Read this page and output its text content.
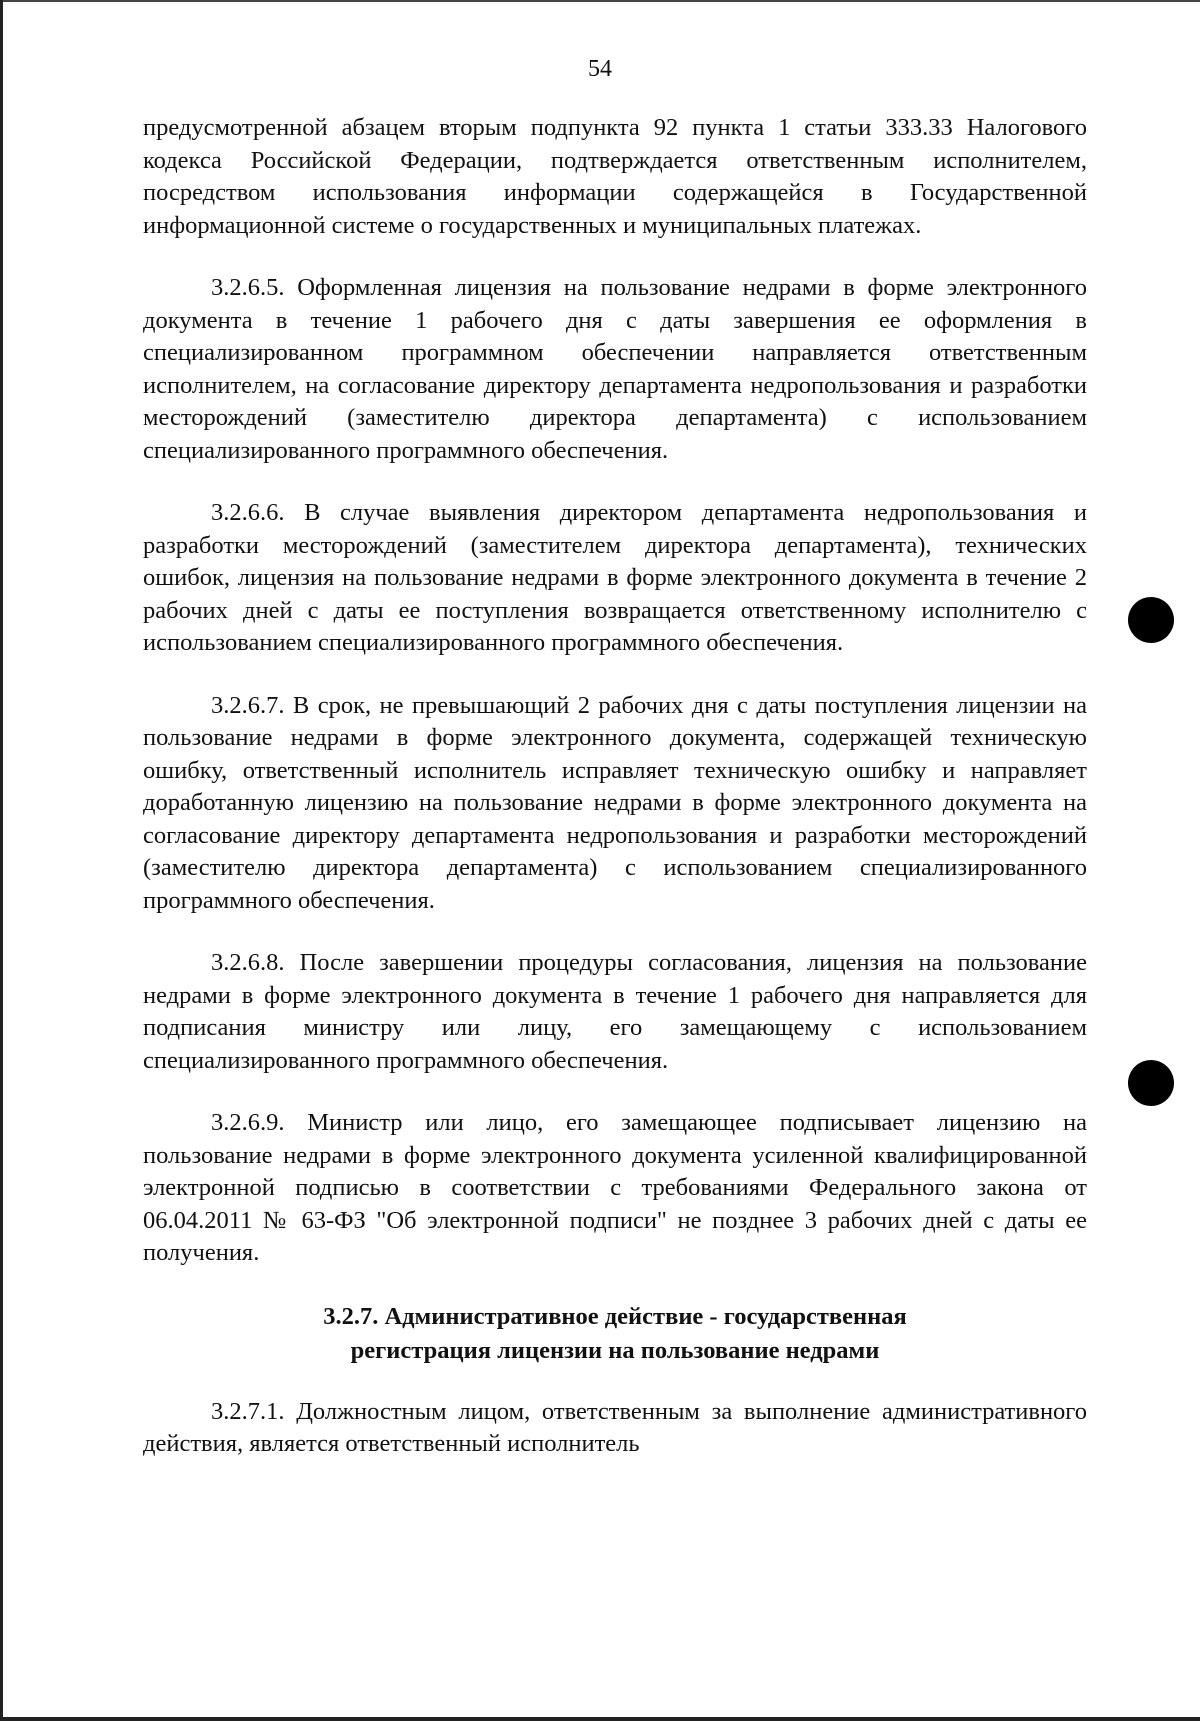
54

предусмотренной абзацем вторым подпункта 92 пункта 1 статьи 333.33 Налогового кодекса Российской Федерации, подтверждается ответственным исполнителем, посредством использования информации содержащейся в Государственной информационной системе о государственных и муниципальных платежах.

3.2.6.5. Оформленная лицензия на пользование недрами в форме электронного документа в течение 1 рабочего дня с даты завершения ее оформления в специализированном программном обеспечении направляется ответственным исполнителем, на согласование директору департамента недропользования и разработки месторождений (заместителю директора департамента) с использованием специализированного программного обеспечения.

3.2.6.6. В случае выявления директором департамента недропользования и разработки месторождений (заместителем директора департамента), технических ошибок, лицензия на пользование недрами в форме электронного документа в течение 2 рабочих дней с даты ее поступления возвращается ответственному исполнителю с использованием специализированного программного обеспечения.

3.2.6.7. В срок, не превышающий 2 рабочих дня с даты поступления лицензии на пользование недрами в форме электронного документа, содержащей техническую ошибку, ответственный исполнитель исправляет техническую ошибку и направляет доработанную лицензию на пользование недрами в форме электронного документа на согласование директору департамента недропользования и разработки месторождений (заместителю директора департамента) с использованием специализированного программного обеспечения.

3.2.6.8. После завершении процедуры согласования, лицензия на пользование недрами в форме электронного документа в течение 1 рабочего дня направляется для подписания министру или лицу, его замещающему с использованием специализированного программного обеспечения.

3.2.6.9. Министр или лицо, его замещающее подписывает лицензию на пользование недрами в форме электронного документа усиленной квалифицированной электронной подписью в соответствии с требованиями Федерального закона от 06.04.2011 № 63-ФЗ "Об электронной подписи" не позднее 3 рабочих дней с даты ее получения.

3.2.7. Административное действие - государственная
регистрация лицензии на пользование недрами

3.2.7.1. Должностным лицом, ответственным за выполнение административного действия, является ответственный исполнитель
